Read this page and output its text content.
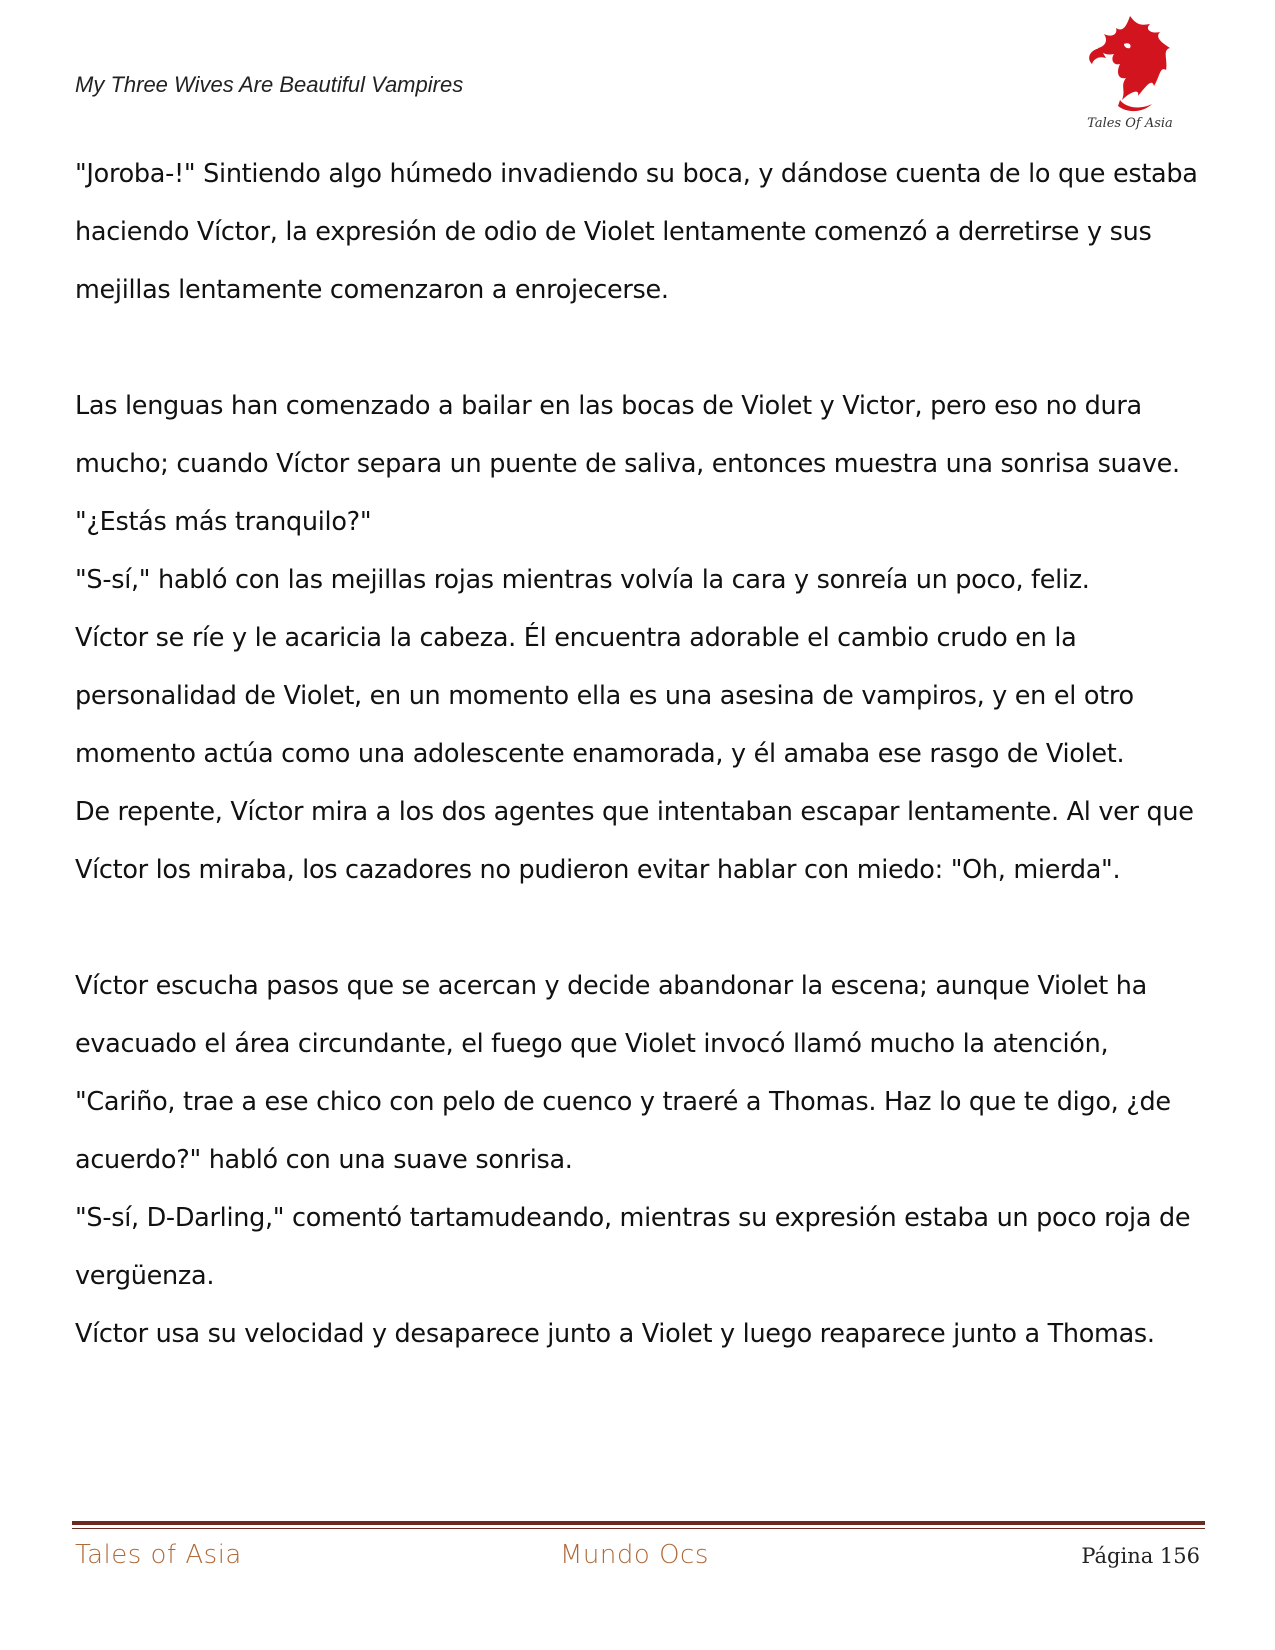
My Three Wives Are Beautiful Vampires
Tales Of Asia

"Joroba-!" Sintiendo algo húmedo invadiendo su boca, y dándose cuenta de lo que estaba haciendo Víctor, la expresión de odio de Violet lentamente comenzó a derretirse y sus mejillas lentamente comenzaron a enrojecerse.

Las lenguas han comenzado a bailar en las bocas de Violet y Victor, pero eso no dura mucho; cuando Víctor separa un puente de saliva, entonces muestra una sonrisa suave.

"¿Estás más tranquilo?"

"S-sí," habló con las mejillas rojas mientras volvía la cara y sonreía un poco, feliz.

Víctor se ríe y le acaricia la cabeza. Él encuentra adorable el cambio crudo en la personalidad de Violet, en un momento ella es una asesina de vampiros, y en el otro momento actúa como una adolescente enamorada, y él amaba ese rasgo de Violet.

De repente, Víctor mira a los dos agentes que intentaban escapar lentamente. Al ver que Víctor los miraba, los cazadores no pudieron evitar hablar con miedo: "Oh, mierda".

Víctor escucha pasos que se acercan y decide abandonar la escena; aunque Violet ha evacuado el área circundante, el fuego que Violet invocó llamó mucho la atención,

"Cariño, trae a ese chico con pelo de cuenco y traeré a Thomas. Haz lo que te digo, ¿de acuerdo?" habló con una suave sonrisa.

"S-sí, D-Darling," comentó tartamudeando, mientras su expresión estaba un poco roja de vergüenza.

Víctor usa su velocidad y desaparece junto a Violet y luego reaparece junto a Thomas.

Tales of Asia	Mundo Ocs	Página 156
